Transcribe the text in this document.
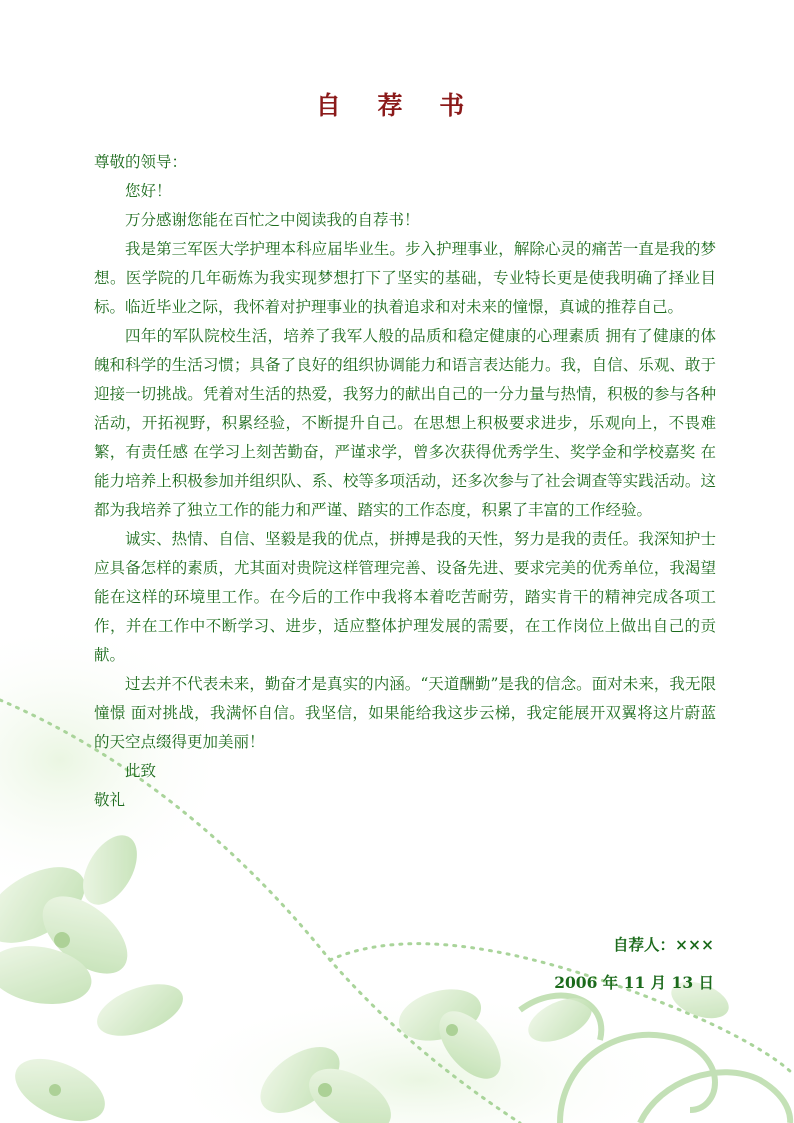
自 荐 书

尊敬的领导：

您好！

万分感谢您能在百忙之中阅读我的自荐书！

我是第三军医大学护理本科应届毕业生。步入护理事业，解除心灵的痛苦一直是我的梦想。医学院的几年砺炼为我实现梦想打下了坚实的基础，专业特长更是使我明确了择业目标。临近毕业之际，我怀着对护理事业的执着追求和对未来的憧憬，真诚的推荐自己。

四年的军队院校生活，培养了我军人般的品质和稳定健康的心理素质 拥有了健康的体魄和科学的生活习惯；具备了良好的组织协调能力和语言表达能力。我，自信、乐观、敢于迎接一切挑战。凭着对生活的热爱，我努力的献出自己的一分力量与热情，积极的参与各种活动，开拓视野，积累经验，不断提升自己。在思想上积极要求进步，乐观向上，不畏难繁，有责任感 在学习上刻苦勤奋，严谨求学，曾多次获得优秀学生、奖学金和学校嘉奖 在能力培养上积极参加并组织队、系、校等多项活动，还多次参与了社会调查等实践活动。这都为我培养了独立工作的能力和严谨、踏实的工作态度，积累了丰富的工作经验。

诚实、热情、自信、坚毅是我的优点，拼搏是我的天性，努力是我的责任。我深知护士应具备怎样的素质，尤其面对贵院这样管理完善、设备先进、要求完美的优秀单位，我渴望能在这样的环境里工作。在今后的工作中我将本着吃苦耐劳，踏实肯干的精神完成各项工作，并在工作中不断学习、进步，适应整体护理发展的需要，在工作岗位上做出自己的贡献。

过去并不代表未来，勤奋才是真实的内涵。“天道酬勤”是我的信念。面对未来，我无限憧憬 面对挑战，我满怀自信。我坚信，如果能给我这步云梯，我定能展开双翼将这片蔚蓝的天空点缀得更加美丽！

此致

敬礼

自荐人：×××
2006 年 11 月 13 日
